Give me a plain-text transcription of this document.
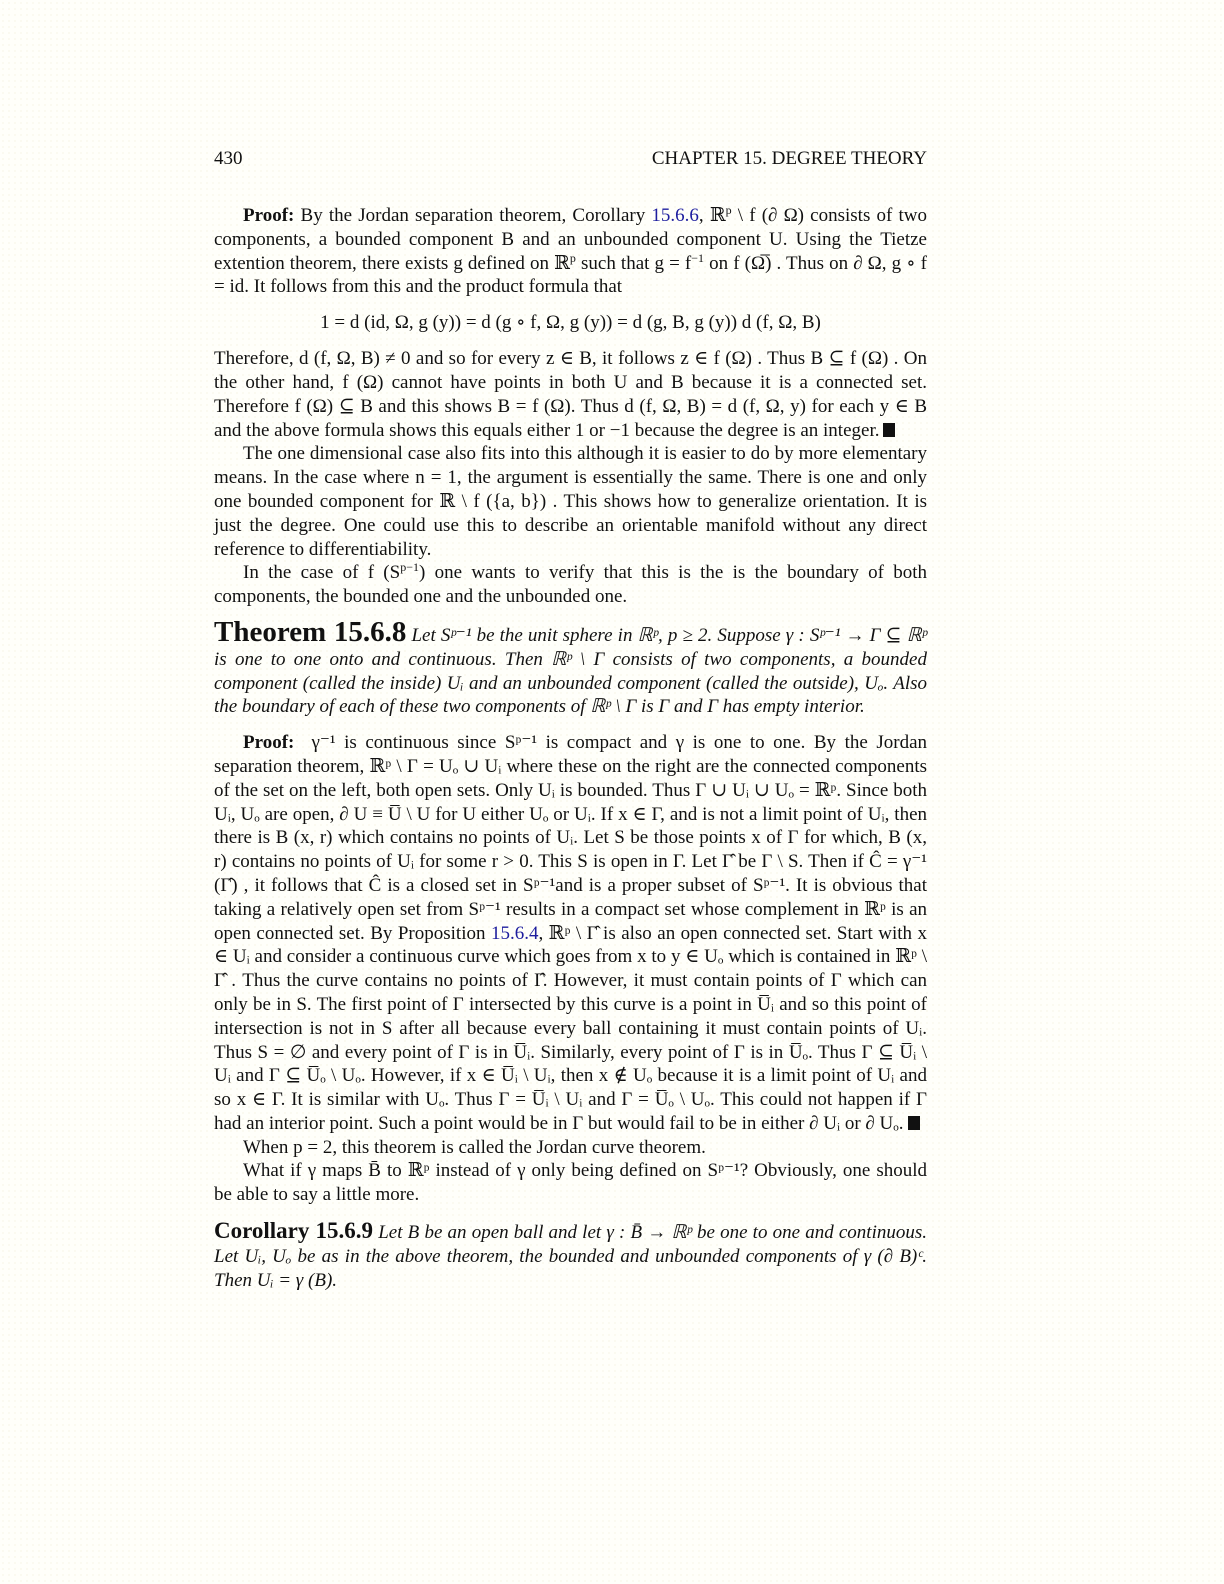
430	CHAPTER 15. DEGREE THEORY

Proof: By the Jordan separation theorem, Corollary 15.6.6, ℝ$^p$ \ f (∂ Ω) consists of two components, a bounded component B and an unbounded component U. Using the Tietze extention theorem, there exists g defined on ℝ$^p$ such that $g = f^{-1}$ on f (Ω̅) . Thus on ∂ Ω, g ∘ f = id. It follows from this and the product formula that

1 = d (id, Ω, g (y)) = d (g ∘ f, Ω, g (y)) = d (g, B, g (y)) d (f, Ω, B)

Therefore, d (f, Ω, B) ≠ 0 and so for every z ∈ B, it follows z ∈ f (Ω) . Thus B ⊆ f (Ω) . On the other hand, f (Ω) cannot have points in both U and B because it is a connected set. Therefore f (Ω) ⊆ B and this shows B = f (Ω). Thus d (f, Ω, B) = d (f, Ω, y) for each y ∈ B and the above formula shows this equals either 1 or −1 because the degree is an integer.

The one dimensional case also fits into this although it is easier to do by more elementary means. In the case where n = 1, the argument is essentially the same. There is one and only one bounded component for ℝ \ f ({a, b}) . This shows how to generalize orientation. It is just the degree. One could use this to describe an orientable manifold without any direct reference to differentiability.

In the case of f $(S^{p-1})$ one wants to verify that this is the is the boundary of both components, the bounded one and the unbounded one.

Theorem 15.6.8 Let Sᵖ⁻¹ be the unit sphere in ℝᵖ, p ≥ 2. Suppose γ : Sᵖ⁻¹ → Γ ⊆ ℝᵖ is one to one onto and continuous. Then ℝᵖ \ Γ consists of two components, a bounded component (called the inside) Uᵢ and an unbounded component (called the outside), Uₒ. Also the boundary of each of these two components of ℝᵖ \ Γ is Γ and Γ has empty interior.

Proof: γ⁻¹ is continuous since Sᵖ⁻¹ is compact and γ is one to one. By the Jordan separation theorem, ℝᵖ \ Γ = Uₒ ∪ Uᵢ where these on the right are the connected components of the set on the left, both open sets. Only Uᵢ is bounded. Thus Γ ∪ Uᵢ ∪ Uₒ = ℝᵖ. Since both Uᵢ, Uₒ are open, ∂ U ≡ U̅ \ U for U either Uₒ or Uᵢ. If x ∈ Γ, and is not a limit point of Uᵢ, then there is B (x, r) which contains no points of Uᵢ. Let S be those points x of Γ for which, B (x, r) contains no points of Uᵢ for some r > 0. This S is open in Γ. Let Γ̂ be Γ \ S. Then if Ĉ = γ⁻¹ (Γ̂) , it follows that Ĉ is a closed set in Sᵖ⁻¹and is a proper subset of Sᵖ⁻¹. It is obvious that taking a relatively open set from Sᵖ⁻¹ results in a compact set whose complement in ℝᵖ is an open connected set. By Proposition 15.6.4, ℝᵖ \ Γ̂ is also an open connected set. Start with x ∈ Uᵢ and consider a continuous curve which goes from x to y ∈ Uₒ which is contained in ℝᵖ \ Γ̂ . Thus the curve contains no points of Γ̂. However, it must contain points of Γ which can only be in S. The first point of Γ intersected by this curve is a point in U̅ᵢ and so this point of intersection is not in S after all because every ball containing it must contain points of Uᵢ. Thus S = ∅ and every point of Γ is in U̅ᵢ. Similarly, every point of Γ is in U̅ₒ. Thus Γ ⊆ U̅ᵢ \ Uᵢ and Γ ⊆ U̅ₒ \ Uₒ. However, if x ∈ U̅ᵢ \ Uᵢ, then x ∉ Uₒ because it is a limit point of Uᵢ and so x ∈ Γ. It is similar with Uₒ. Thus Γ = U̅ᵢ \ Uᵢ and Γ = U̅ₒ \ Uₒ. This could not happen if Γ had an interior point. Such a point would be in Γ but would fail to be in either ∂ Uᵢ or ∂ Uₒ.

When p = 2, this theorem is called the Jordan curve theorem.

What if γ maps B̄ to ℝᵖ instead of γ only being defined on Sᵖ⁻¹? Obviously, one should be able to say a little more.

Corollary 15.6.9 Let B be an open ball and let γ : B̄ → ℝᵖ be one to one and continuous. Let Uᵢ, Uₒ be as in the above theorem, the bounded and unbounded components of γ (∂ B)ᶜ. Then Uᵢ = γ (B).
